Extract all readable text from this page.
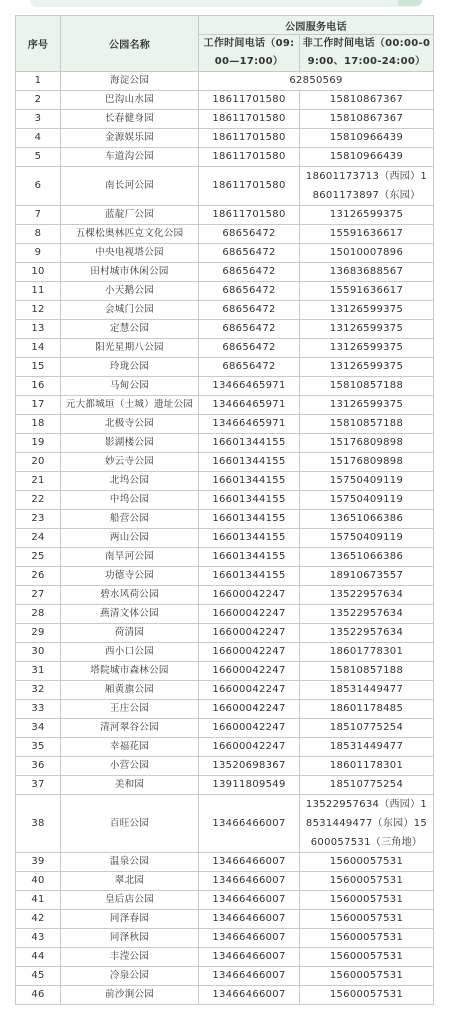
序号	公园名称	公园服务电话	
		工作时间电话（09:00—17:00）	非工作时间电话（00:00-09:00、17:00-24:00）
1	海淀公园	62850569	
2	巴沟山水园	18611701580	15810867367
3	长春健身园	18611701580	15810867367
4	金源娱乐园	18611701580	15810966439
5	车道沟公园	18611701580	15810966439
6	南长河公园	18611701580	18601173713（西园）18601173897（东园）
7	蓝靛厂公园	18611701580	13126599375
8	五棵松奥林匹克文化公园	68656472	15591636617
9	中央电视塔公园	68656472	15010007896
10	田村城市休闲公园	68656472	13683688567
11	小天鹅公园	68656472	15591636617
12	会城门公园	68656472	13126599375
13	定慧公园	68656472	13126599375
14	阳光星期八公园	68656472	13126599375
15	玲珑公园	68656472	13126599375
16	马甸公园	13466465971	15810857188
17	元大都城垣（土城）遗址公园	13466465971	13126599375
18	北极寺公园	13466465971	15810857188
19	影湖楼公园	16601344155	15176809898
20	妙云寺公园	16601344155	15176809898
21	北坞公园	16601344155	15750409119
22	中坞公园	16601344155	15750409119
23	船营公园	16601344155	13651066386
24	两山公园	16601344155	15750409119
25	南旱河公园	16601344155	13651066386
26	功德寺公园	16601344155	18910673557
27	碧水风荷公园	16600042247	13522957634
28	燕清文体公园	16600042247	13522957634
29	荷清园	16600042247	13522957634
30	西小口公园	16600042247	18601778301
31	塔院城市森林公园	16600042247	15810857188
32	厢黄旗公园	16600042247	18531449477
33	王庄公园	16600042247	18601178485
34	清河翠谷公园	16600042247	18510775254
35	幸福花园	16600042247	18531449477
36	小营公园	13520698367	18601178301
37	美和园	13911809549	18510775254
38	百旺公园	13466466007	13522957634（西园）18531449477（东园）15600057531（三角地）
39	温泉公园	13466466007	15600057531
40	翠北园	13466466007	15600057531
41	皇后店公园	13466466007	15600057531
42	同泽春园	13466466007	15600057531
43	同泽秋园	13466466007	15600057531
44	丰滢公园	13466466007	15600057531
45	冷泉公园	13466466007	15600057531
46	前沙涧公园	13466466007	15600057531
